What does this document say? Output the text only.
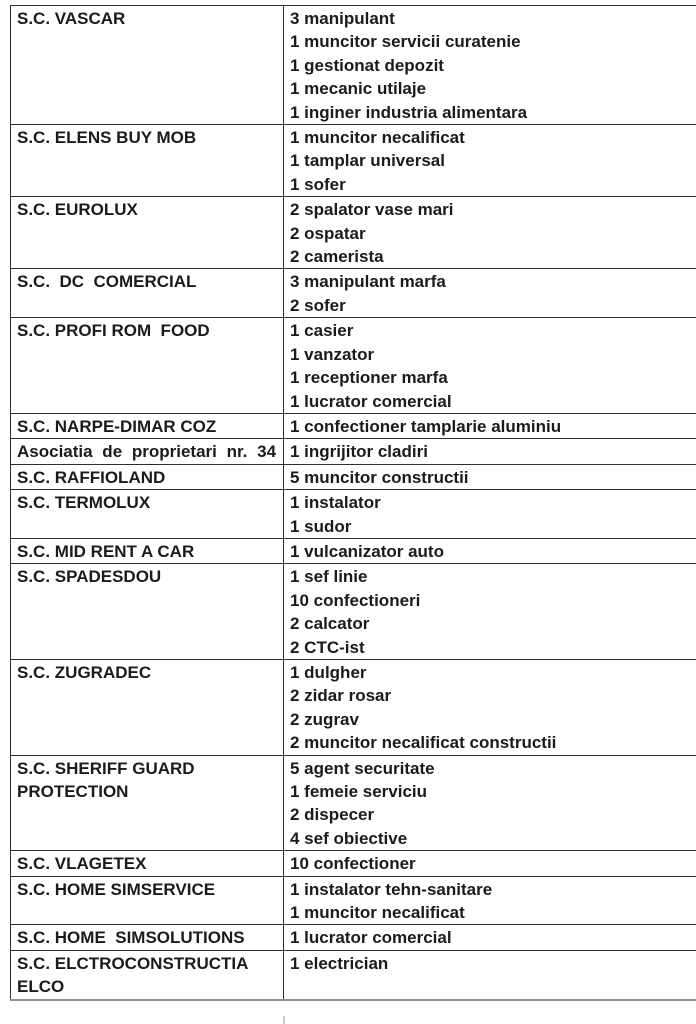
S.C. VASCAR	3 manipulant
1 muncitor servicii curatenie
1 gestionat depozit
1 mecanic utilaje
1 inginer industria alimentara

S.C. ELENS BUY MOB	1 muncitor necalificat
1 tamplar universal
1 sofer

S.C. EUROLUX	2 spalator vase mari
2 ospatar
2 camerista

S.C.  DC  COMERCIAL	3 manipulant marfa
2 sofer

S.C. PROFI ROM  FOOD	1 casier
1 vanzator
1 receptioner marfa
1 lucrator comercial

S.C. NARPE-DIMAR COZ	1 confectioner tamplarie aluminiu

Asociatia de proprietari nr. 34	1 ingrijitor cladiri

S.C. RAFFIOLAND	5 muncitor constructii

S.C. TERMOLUX	1 instalator
1 sudor

S.C. MID RENT A CAR	1 vulcanizator auto

S.C. SPADESDOU	1 sef linie
10 confectioneri
2 calcator
2 CTC-ist

S.C. ZUGRADEC	1 dulgher
2 zidar rosar
2 zugrav
2 muncitor necalificat constructii

S.C. SHERIFF GUARD PROTECTION	5 agent securitate
1 femeie serviciu
2 dispecer
4 sef obiective

S.C. VLAGETEX	10 confectioner

S.C. HOME SIMSERVICE	1 instalator tehn-sanitare
1 muncitor necalificat

S.C. HOME  SIMSOLUTIONS	1 lucrator comercial

S.C. ELCTROCONSTRUCTIA ELCO	1 electrician
